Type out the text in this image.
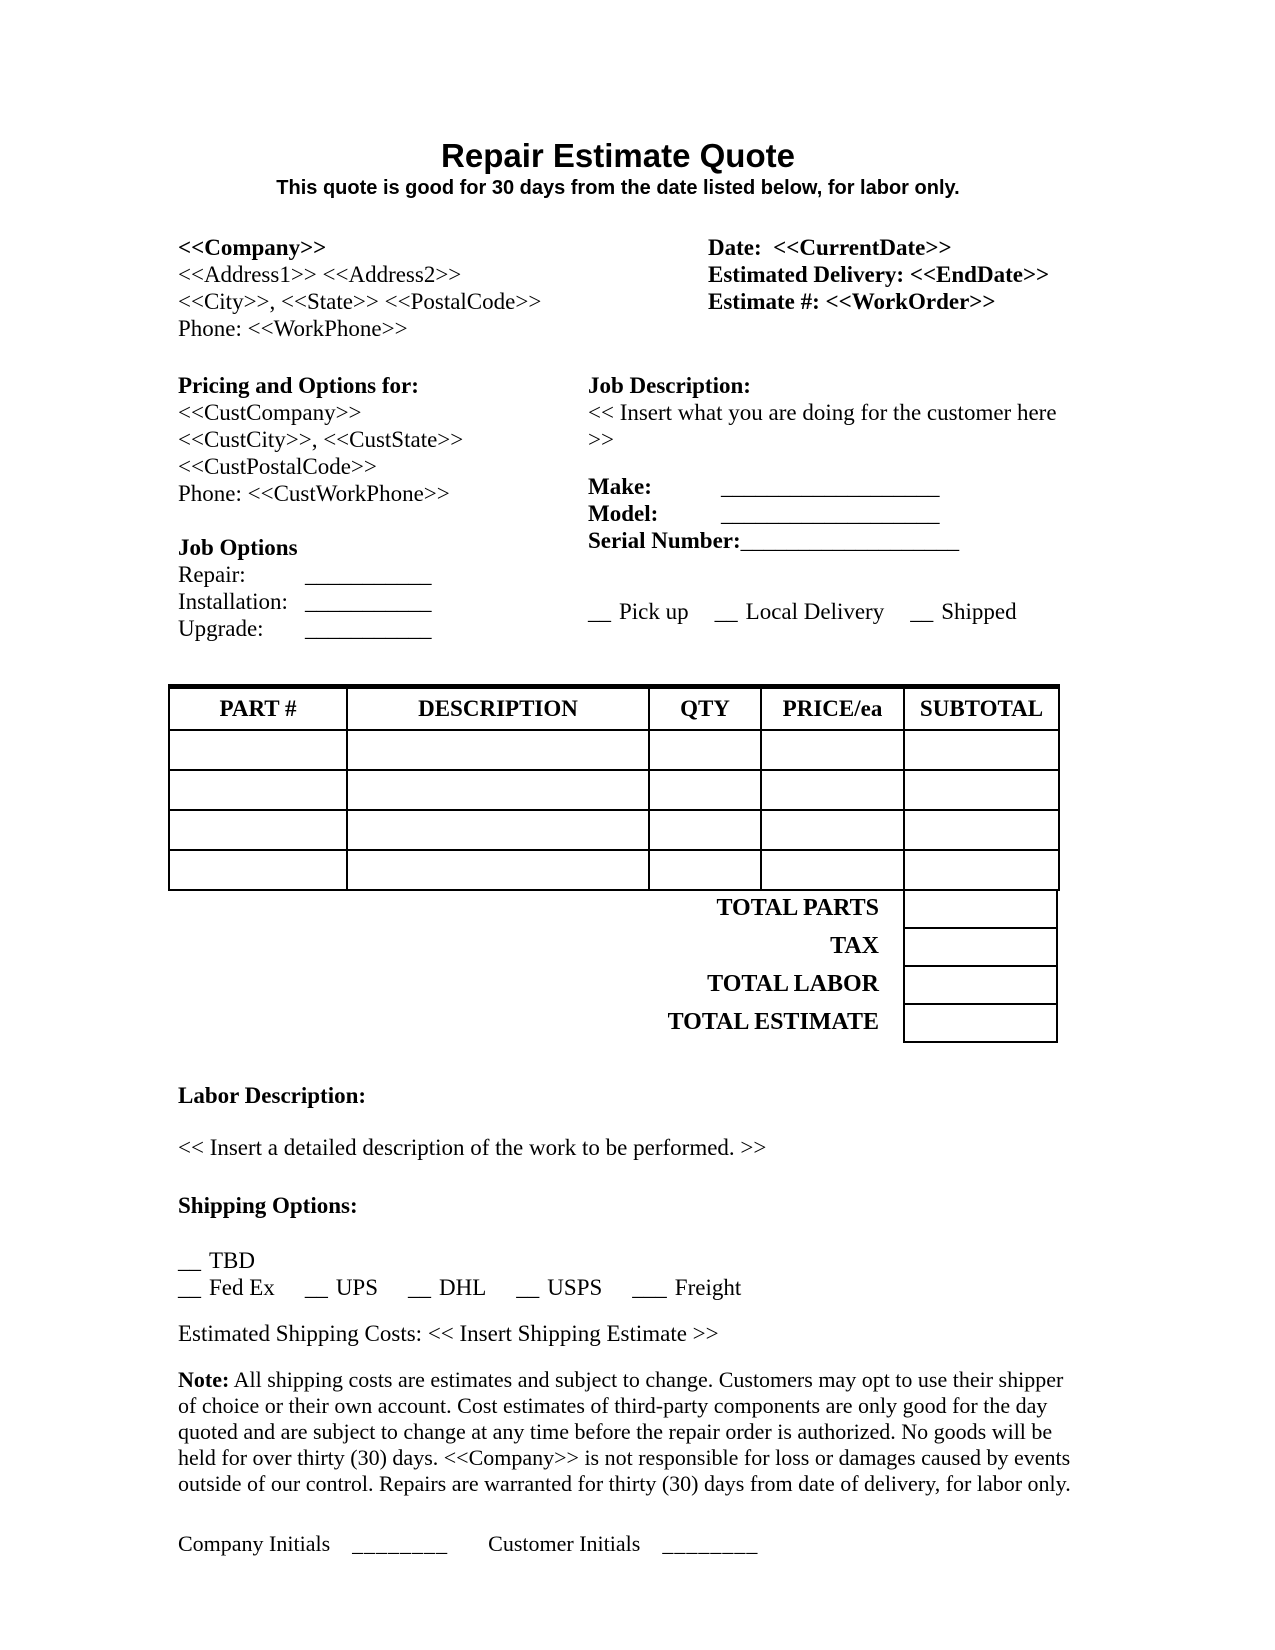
Repair Estimate Quote
This quote is good for 30 days from the date listed below, for labor only.
<<Company>>
<<Address1>> <<Address2>>
<<City>>, <<State>> <<PostalCode>>
Phone: <<WorkPhone>>
Date:  <<CurrentDate>>
Estimated Delivery: <<EndDate>>
Estimate #: <<WorkOrder>>
Pricing and Options for:
<<CustCompany>>
<<CustCity>>, <<CustState>>
<<CustPostalCode>>
Phone: <<CustWorkPhone>>
Job Options
Repair:	___________
Installation: ___________
Upgrade: ___________
Job Description:
<< Insert what you are doing for the customer here >>
Make:	___________________
Model:	___________________
Serial Number:___________________
__ Pick up __ Local Delivery __ Shipped
PART #	DESCRIPTION	QTY	PRICE/ea	SUBTOTAL

TOTAL PARTS
TAX
TOTAL LABOR
TOTAL ESTIMATE
Labor Description:
<< Insert a detailed description of the work to be performed. >>
Shipping Options:
__ TBD
__ Fed Ex __ UPS __ DHL __ USPS ___ Freight
Estimated Shipping Costs: << Insert Shipping Estimate >>
Note: All shipping costs are estimates and subject to change. Customers may opt to use their shipper of choice or their own account. Cost estimates of third-party components are only good for the day quoted and are subject to change at any time before the repair order is authorized. No goods will be held for over thirty (30) days. <<Company>> is not responsible for loss or damages caused by events outside of our control. Repairs are warranted for thirty (30) days from date of delivery, for labor only.
Company Initials ________ Customer Initials ________
